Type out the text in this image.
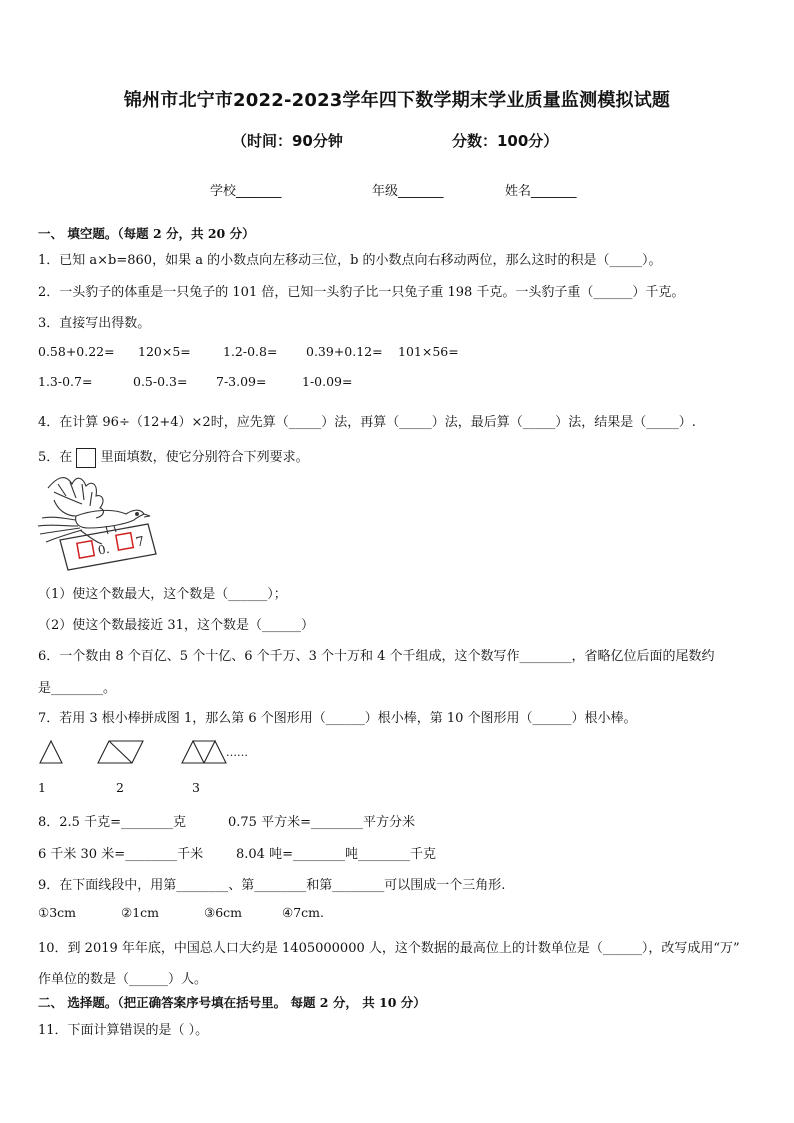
锦州市北宁市2022-2023学年四下数学期末学业质量监测模拟试题
（时间：90分钟	分数：100分）
学校_______	年级_______	姓名_______
一、 填空题。（每题 2 分，共 20 分）
1．已知 a×b=860，如果 a 的小数点向左移动三位，b 的小数点向右移动两位，那么这时的积是（_____）。
2．一头豹子的体重是一只兔子的 101 倍，已知一头豹子比一只兔子重 198 千克。一头豹子重（______）千克。
3．直接写出得数。
0.58+0.22= 120×5=	1.2-0.8= 0.39+0.12= 101×56=
1.3-0.7=	0.5-0.3= 7-3.09=	1-0.09=
4．在计算 96÷（12+4）×2时，应先算（_____）法，再算（_____）法，最后算（_____）法，结果是（_____）.
5．在 里面填数，使它分别符合下列要求。
0. 7
（1）使这个数最大，这个数是（______）；
（2）使这个数最接近 31，这个数是（______）
6．一个数由 8 个百亿、5 个十亿、6 个千万、3 个十万和 4 个千组成，这个数写作________，省略亿位后面的尾数约
是________。
7．若用 3 根小棒拼成图 1，那么第 6 个图形用（______）根小棒，第 10 个图形用（______）根小棒。
……
1	2	3
8．2.5 千克=________克	0.75 平方米=________平方分米
6 千米 30 米=________千米	8.04 吨=________吨________千克
9．在下面线段中，用第________、第________和第________可以围成一个三角形.
①3cm	②1cm	③6cm	④7cm.
10．到 2019 年年底，中国总人口大约是 1405000000 人，这个数据的最高位上的计数单位是（______），改写成用“万”
作单位的数是（______）人。
二、 选择题。（把正确答案序号填在括号里。 每题 2 分， 共 10 分）
11．下面计算错误的是（ ）。
